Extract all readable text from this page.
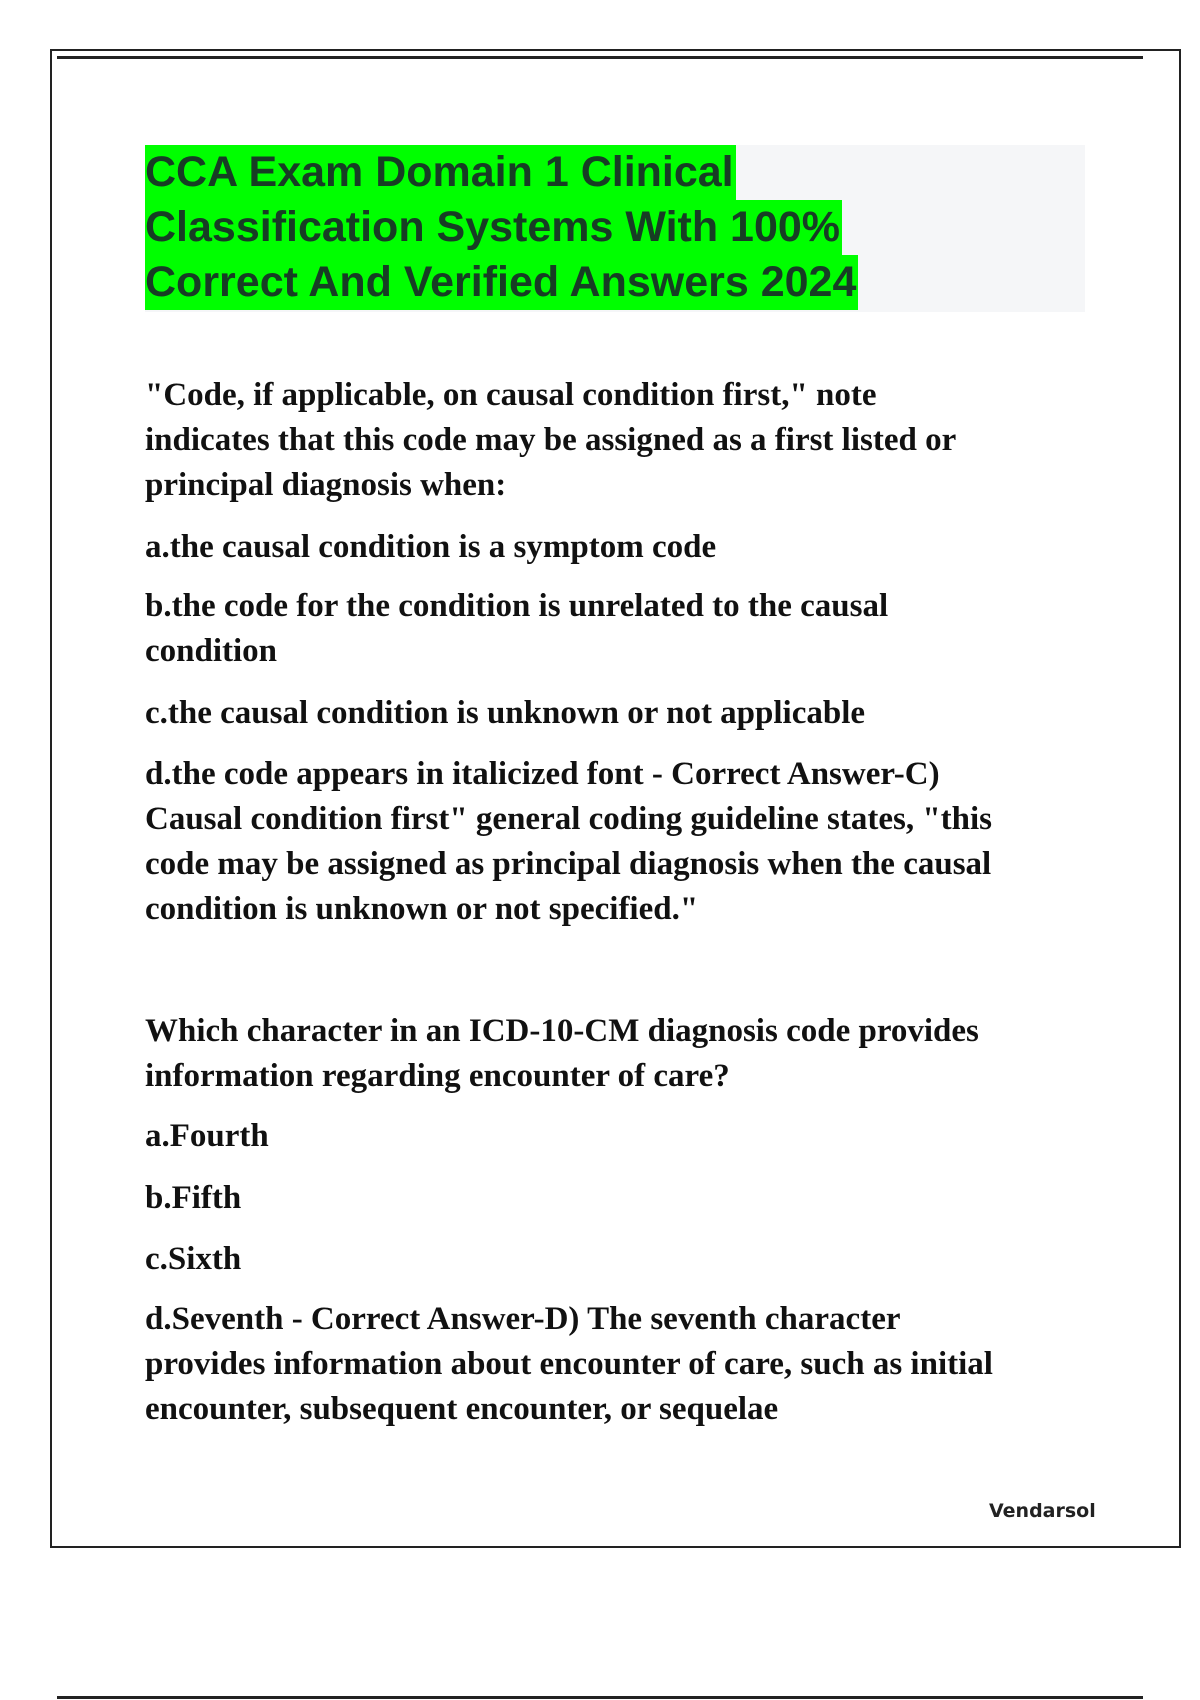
CCA Exam Domain 1 Clinical
Classification Systems With 100%
Correct And Verified Answers 2024
"Code, if applicable, on causal condition first," note
indicates that this code may be assigned as a first listed or
principal diagnosis when:
a.the causal condition is a symptom code
b.the code for the condition is unrelated to the causal
condition
c.the causal condition is unknown or not applicable
d.the code appears in italicized font - Correct Answer-C)
Causal condition first" general coding guideline states, "this
code may be assigned as principal diagnosis when the causal
condition is unknown or not specified."
Which character in an ICD-10-CM diagnosis code provides
information regarding encounter of care?
a.Fourth
b.Fifth
c.Sixth
d.Seventh - Correct Answer-D) The seventh character
provides information about encounter of care, such as initial
encounter, subsequent encounter, or sequelae
Vendarsol
